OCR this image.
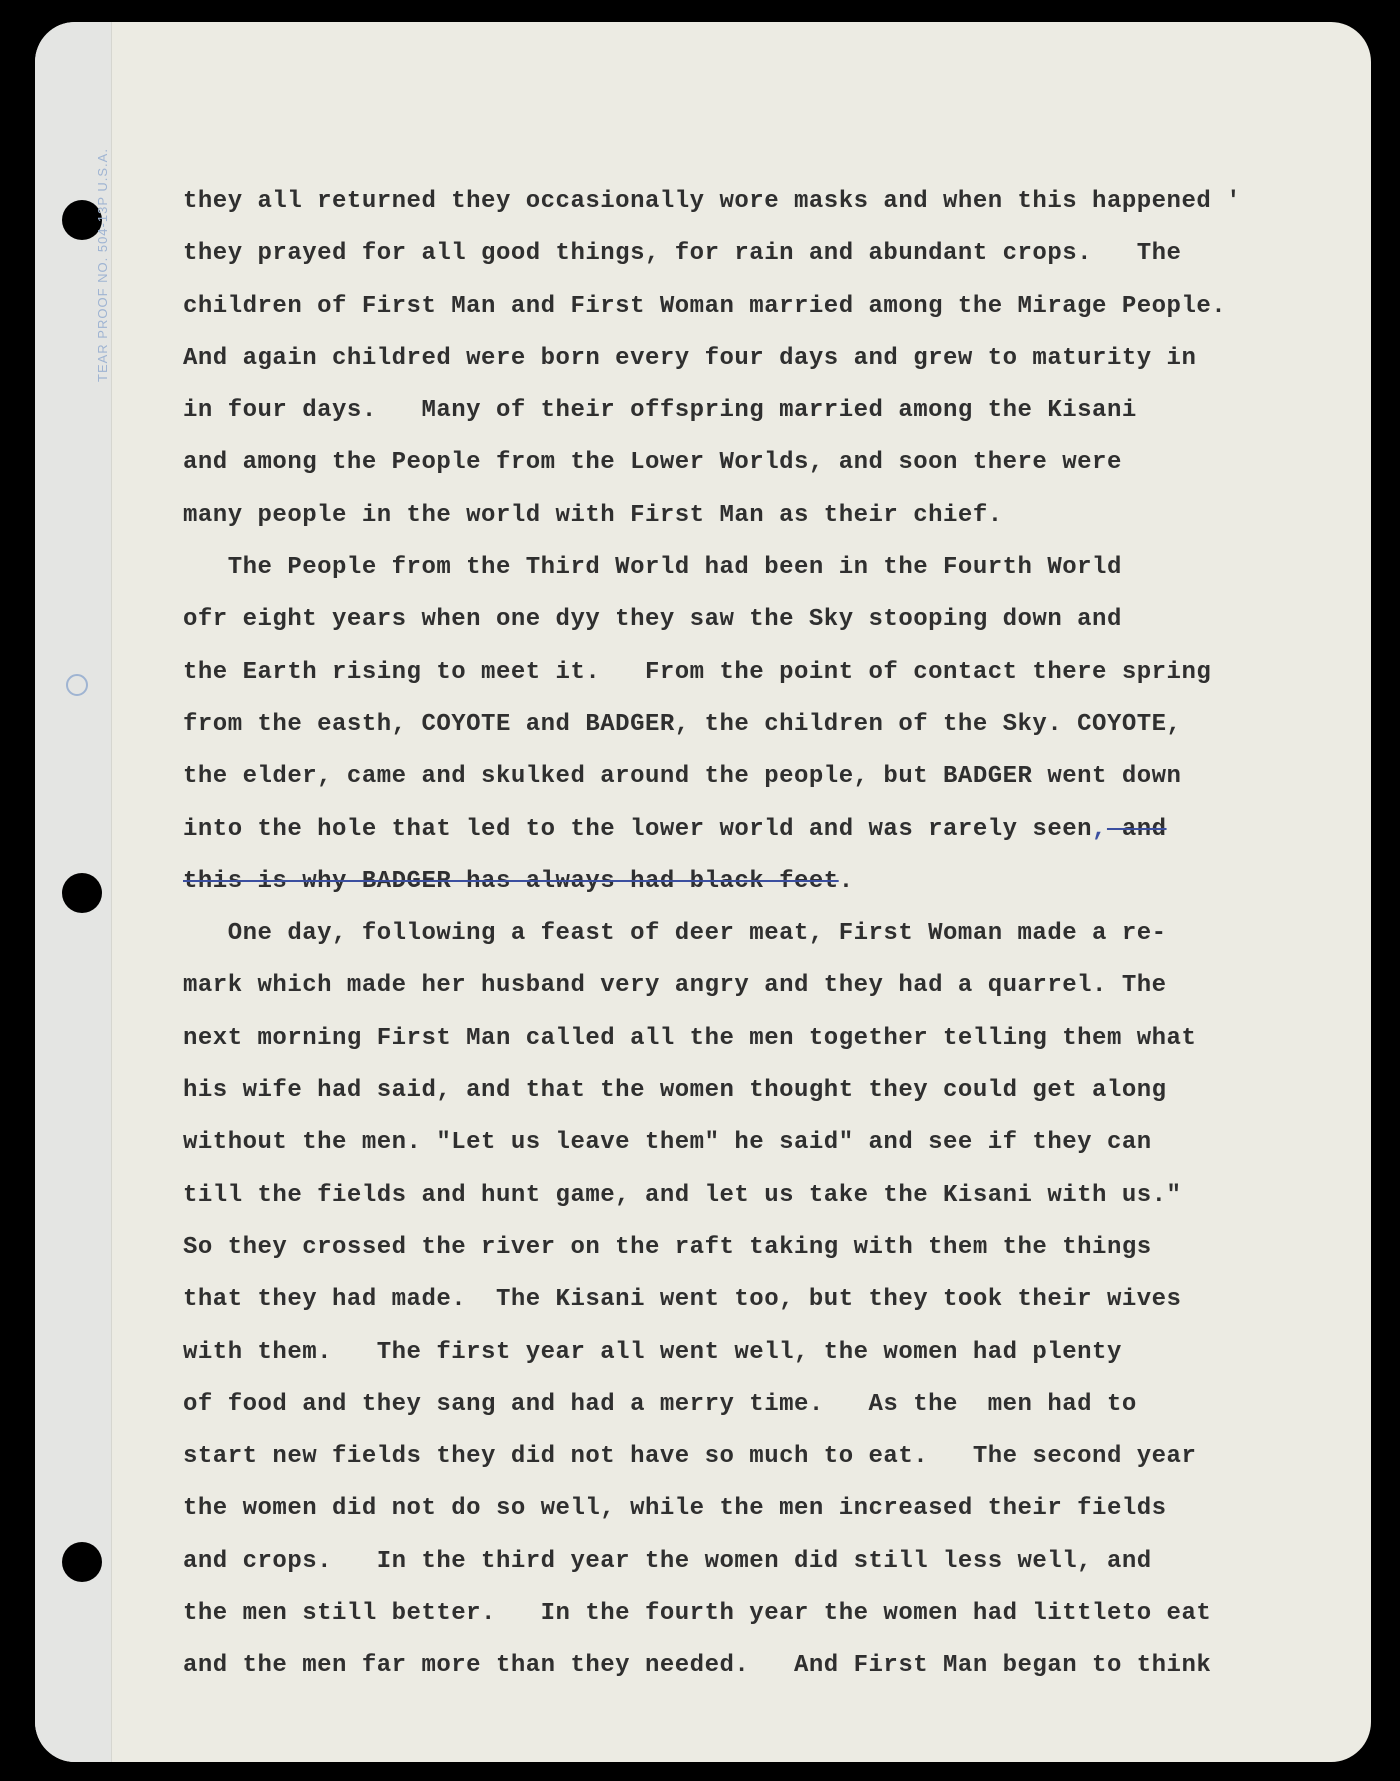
TEAR PROOF NO. 504-13P U.S.A.	they all returned they occasionally wore masks and when this happened '
they prayed for all good things, for rain and abundant crops.   The
children of First Man and First Woman married among the Mirage People.
And again childred were born every four days and grew to maturity in
in four days.   Many of their offspring married among the Kisani
and among the People from the Lower Worlds, and soon there were
many people in the world with First Man as their chief.
The People from the Third World had been in the Fourth World
ofr eight years when one dyy they saw the Sky stooping down and
the Earth rising to meet it.   From the point of contact there spring
from the easth, COYOTE and BADGER, the children of the Sky. COYOTE,
the elder, came and skulked around the people, but BADGER went down
into the hole that led to the lower world and was rarely seen, and
this is why BADGER has always had black feet.
One day, following a feast of deer meat, First Woman made a re-
mark which made her husband very angry and they had a quarrel. The
next morning First Man called all the men together telling them what
his wife had said, and that the women thought they could get along
without the men. "Let us leave them" he said" and see if they can
till the fields and hunt game, and let us take the Kisani with us."
So they crossed the river on the raft taking with them the things
that they had made.  The Kisani went too, but they took their wives
with them.   The first year all went well, the women had plenty
of food and they sang and had a merry time.   As the  men had to
start new fields they did not have so much to eat.   The second year
the women did not do so well, while the men increased their fields
and crops.   In the third year the women did still less well, and
the men still better.   In the fourth year the women had littleto eat
and the men far more than they needed.   And First Man began to think
